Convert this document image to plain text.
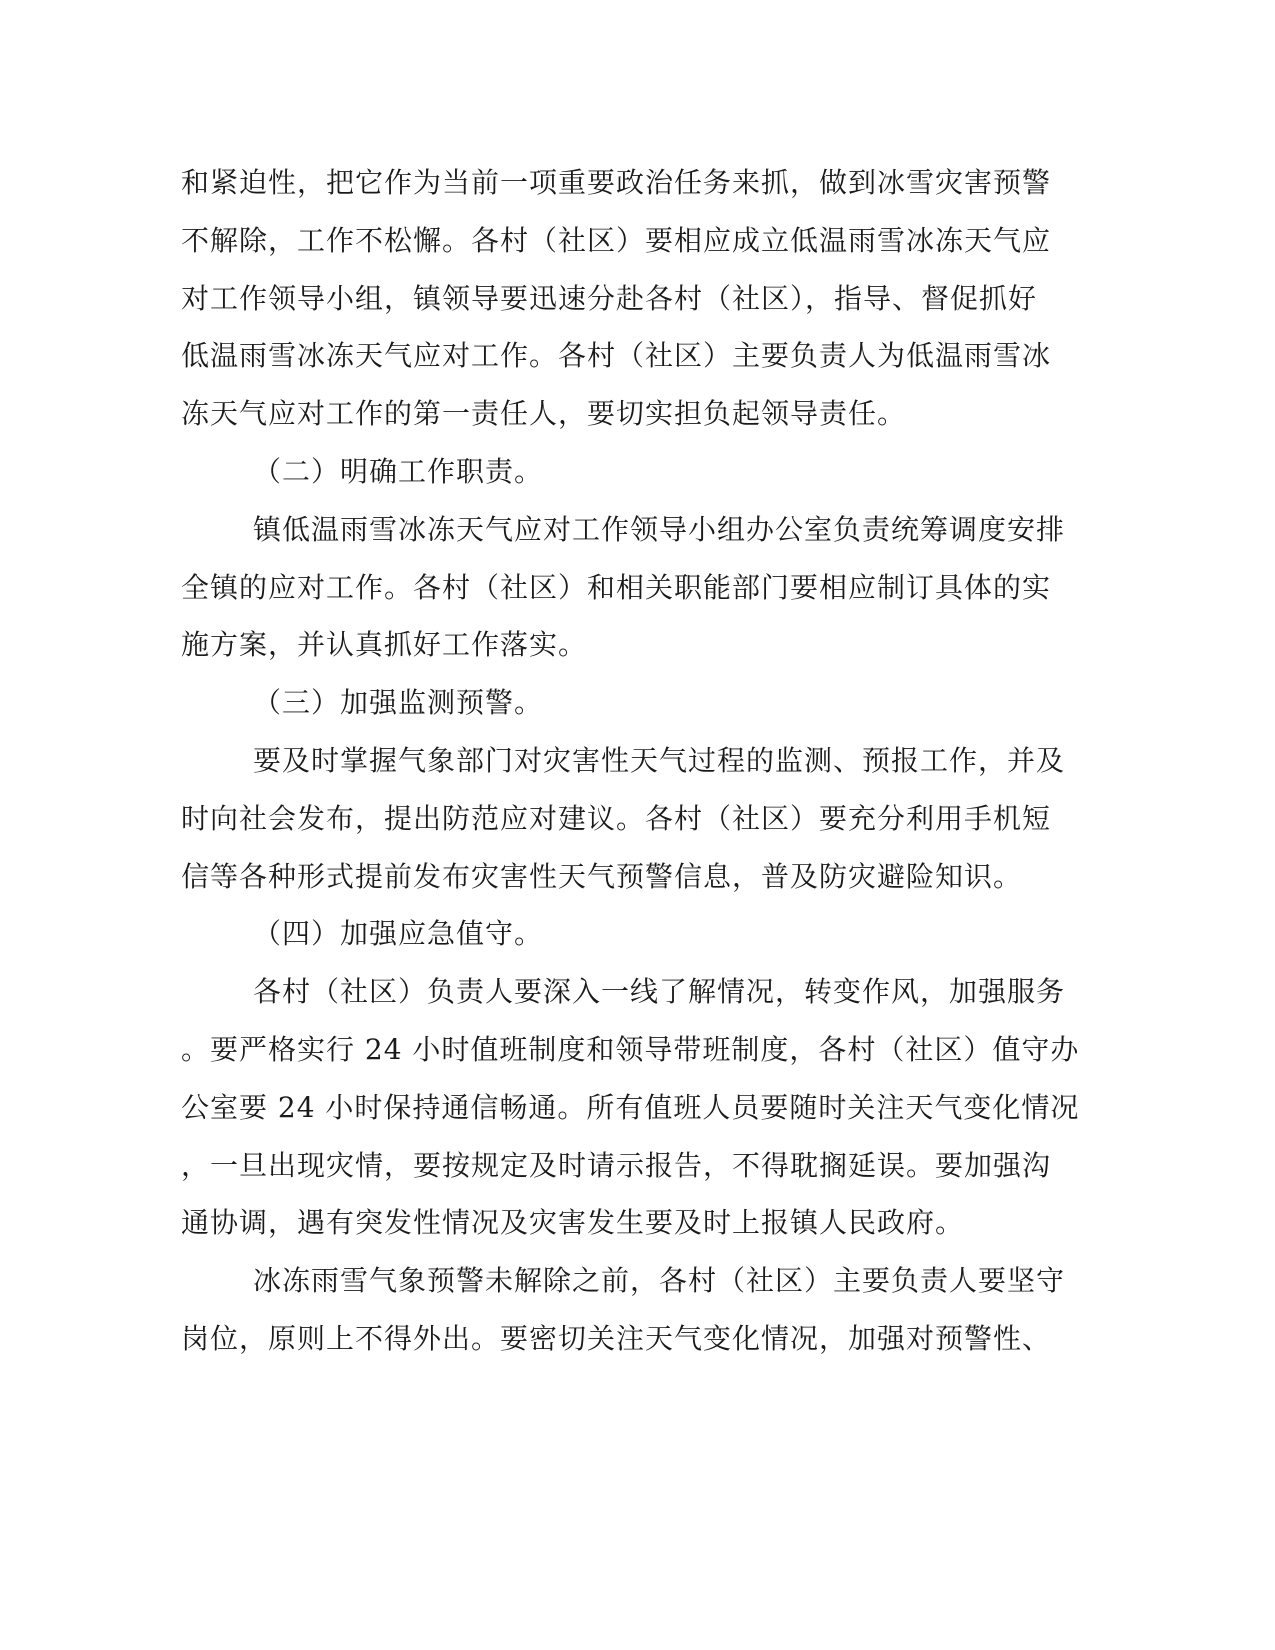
和紧迫性，把它作为当前一项重要政治任务来抓，做到冰雪灾害预警
不解除，工作不松懈。各村（社区）要相应成立低温雨雪冰冻天气应
对工作领导小组，镇领导要迅速分赴各村（社区），指导、督促抓好
低温雨雪冰冻天气应对工作。各村（社区）主要负责人为低温雨雪冰
冻天气应对工作的第一责任人，要切实担负起领导责任。
（二）明确工作职责。
镇低温雨雪冰冻天气应对工作领导小组办公室负责统筹调度安排
全镇的应对工作。各村（社区）和相关职能部门要相应制订具体的实
施方案，并认真抓好工作落实。
（三）加强监测预警。
要及时掌握气象部门对灾害性天气过程的监测、预报工作，并及
时向社会发布，提出防范应对建议。各村（社区）要充分利用手机短
信等各种形式提前发布灾害性天气预警信息，普及防灾避险知识。
（四）加强应急值守。
各村（社区）负责人要深入一线了解情况，转变作风，加强服务
。要严格实行 24 小时值班制度和领导带班制度，各村（社区）值守办
公室要 24 小时保持通信畅通。所有值班人员要随时关注天气变化情况
，一旦出现灾情，要按规定及时请示报告，不得耽搁延误。要加强沟
通协调，遇有突发性情况及灾害发生要及时上报镇人民政府。
冰冻雨雪气象预警未解除之前，各村（社区）主要负责人要坚守
岗位，原则上不得外出。要密切关注天气变化情况，加强对预警性、
